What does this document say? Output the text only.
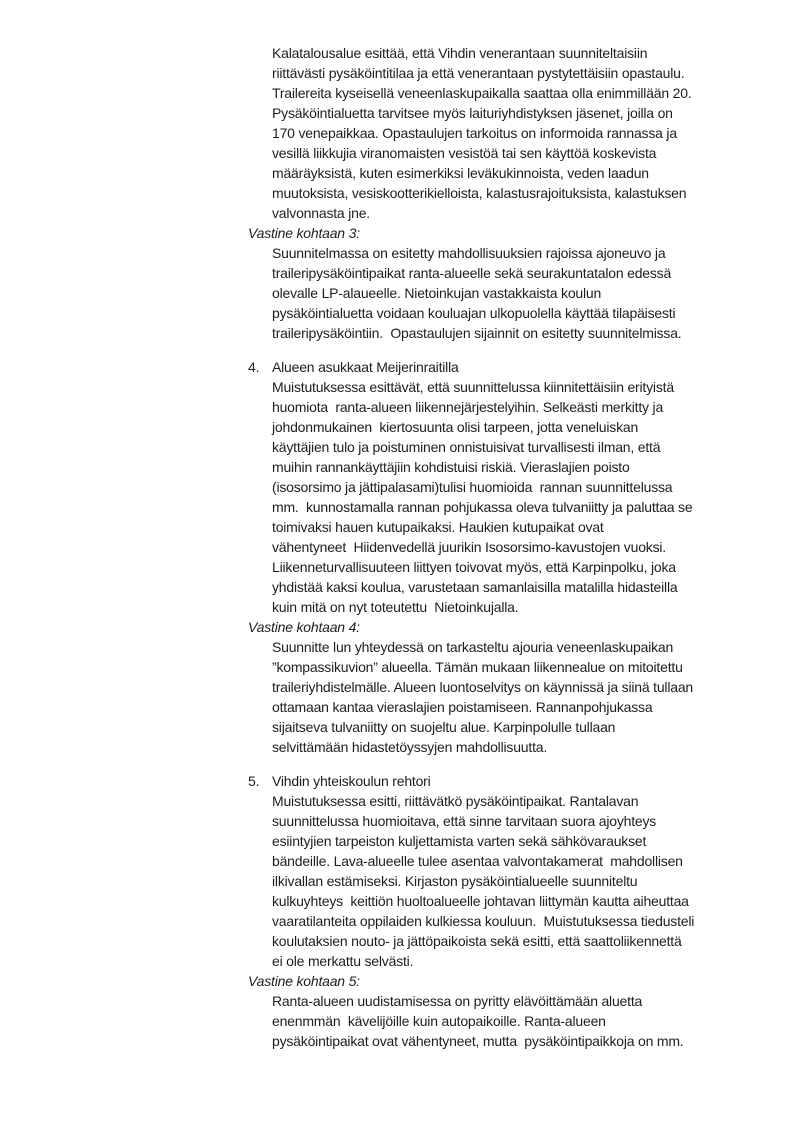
Kalatalousalue esittää, että Vihdin venerantaan suunniteltaisiin
riittävästi pysäköintitilaa ja että venerantaan pystytettäisiin opastaulu.
Trailereita kyseisellä veneenlaskupaikalla saattaa olla enimmillään 20.
Pysäköintialuetta tarvitsee myös laituriyhdistyksen jäsenet, joilla on
170 venepaikkaa. Opastaulujen tarkoitus on informoida rannassa ja
vesillä liikkujia viranomaisten vesistöä tai sen käyttöä koskevista
määräyksistä, kuten esimerkiksi leväkukinnoista, veden laadun
muutoksista, vesiskootterikielloista, kalastusrajoituksista, kalastuksen
valvonnasta jne.
Vastine kohtaan 3:
Suunnitelmassa on esitetty mahdollisuuksien rajoissa ajoneuvo ja
traileripysäköintipaikat ranta-alueelle sekä seurakuntatalon edessä
olevalle LP-alaueelle. Nietoinkujan vastakkaista koulun
pysäköintialuetta voidaan kouluajan ulkopuolella käyttää tilapäisesti
traileripysäköintiin.  Opastaulujen sijainnit on esitetty suunnitelmissa.
4. Alueen asukkaat Meijerinraitilla
Muistutuksessa esittävät, että suunnittelussa kiinnitettäisiin erityistä
huomiota  ranta-alueen liikennejärjestelyihin. Selkeästi merkitty ja
johdonmukainen  kiertosuunta olisi tarpeen, jotta veneluiskan
käyttäjien tulo ja poistuminen onnistuisivat turvallisesti ilman, että
muihin rannankäyttäjiin kohdistuisi riskiä. Vieraslajien poisto
(isosorsimo ja jättipalasami)tulisi huomioida  rannan suunnittelussa
mm.  kunnostamalla rannan pohjukassa oleva tulvaniitty ja paluttaa se
toimivaksi hauen kutupaikaksi. Haukien kutupaikat ovat
vähentyneet  Hiidenvedellä juurikin Isosorsimo-kavustojen vuoksi.
Liikenneturvallisuuteen liittyen toivovat myös, että Karpinpolku, joka
yhdistää kaksi koulua, varustetaan samanlaisilla matalilla hidasteilla
kuin mitä on nyt toteutettu  Nietoinkujalla.
Vastine kohtaan 4:
Suunnitte lun yhteydessä on tarkasteltu ajouria veneenlaskupaikan
”kompassikuvion” alueella. Tämän mukaan liikennealue on mitoitettu
traileriyhdistelmälle. Alueen luontoselvitys on käynnissä ja siinä tullaan
ottamaan kantaa vieraslajien poistamiseen. Rannanpohjukassa
sijaitseva tulvaniitty on suojeltu alue. Karpinpolulle tullaan
selvittämään hidastetöyssyjen mahdollisuutta.
5. Vihdin yhteiskoulun rehtori
Muistutuksessa esitti, riittävätkö pysäköintipaikat. Rantalavan
suunnittelussa huomioitava, että sinne tarvitaan suora ajoyhteys
esiintyjien tarpeiston kuljettamista varten sekä sähkövaraukset
bändeille. Lava-alueelle tulee asentaa valvontakamerat  mahdollisen
ilkivallan estämiseksi. Kirjaston pysäköintialueelle suunniteltu
kulkuyhteys  keittiön huoltoalueelle johtavan liittymän kautta aiheuttaa
vaaratilanteita oppilaiden kulkiessa kouluun.  Muistutuksessa tiedusteli
koulutaksien nouto- ja jättöpaikoista sekä esitti, että saattoliikennettä
ei ole merkattu selvästi.
Vastine kohtaan 5:
Ranta-alueen uudistamisessa on pyritty elävöittämään aluetta
enenmmän  kävelijöille kuin autopaikoille. Ranta-alueen
pysäköintipaikat ovat vähentyneet, mutta  pysäköintipaikkoja on mm.
